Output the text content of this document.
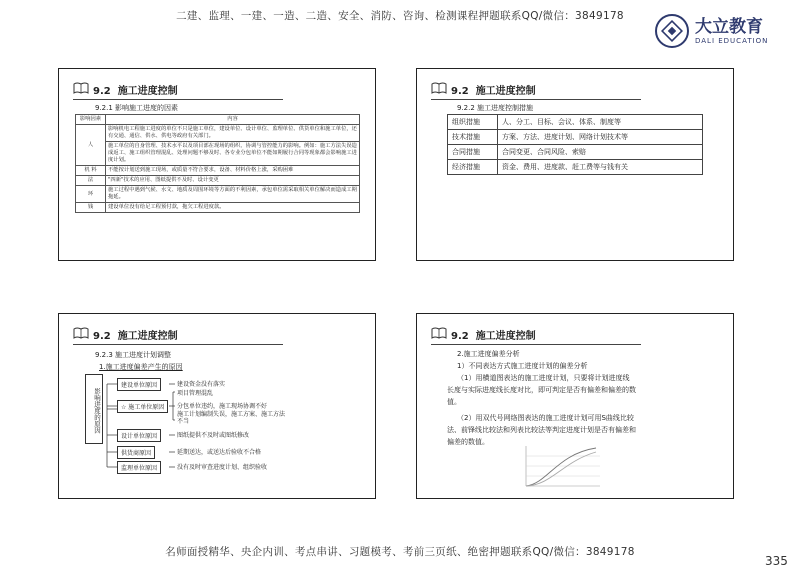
二建、监理、一建、一造、二造、安全、消防、咨询、检测课程押题联系QQ/微信：3849178
大立教育
DALI EDUCATION
9.2 施工进度控制
9.2.1 影响施工进度的因素
影响因素	内容
人	影响机电工程施工进度的单位不只是施工单位，建设单位、设计单位、监理单位、供货单位和施工单位，还有交通、通信、供水、供电等政府有关部门。
	施工单位的自身管理、技术水平以及项目部在现场的组织、协调与管控能力的影响。例如：施工方法失误造成返工、施工组织管理混乱、处理问题不够及时、各专业分包单位不能如期履行合同等现象都会影响施工进度计划。
机 料	不能按计划送到施工现场，或质量不符合要求，设备、材料价格上涨，采购困难
法	"四新"技术的应用、图纸提供不及时、设计变更
环	施工过程中遇到气候、水文、地质及周围环境等方面的不利因素，承包单位需采取相关单位解决而造成工期拖延。
钱	建设单位没有给足工程预付款，拖欠工程进度款。
9.2 施工进度控制
9.2.2 施工进度控制措施
组织措施	人、分工、目标、会议、体系、制度等
技术措施	方案、方法、进度计划、网络计划技术等
合同措施	合同变更、合同风险、索赔
经济措施	资金、费用、进度款、赶工费等与钱有关
9.2 施工进度控制
9.2.3 施工进度计划调整
1.施工进度偏差产生的原因
影响进度的原因
建设单位原因	建设资金没有落实
☆ 施工单位原因
项目管理混乱
分包单位违约，施工现场协调不好
施工计划编制失误，施工方案、施工方法不当
设计单位原因	图纸提供不及时或图纸修改
供货商原因	延期送达，或送达后验收不合格
监理单位原因	没有及时审查进度计划、组织验收
9.2 施工进度控制
2.施工进度偏差分析
1）不同表达方式施工进度计划的偏差分析
（1）用横道图表达的施工进度计划，只要将计划进度线
长度与实际进度线长度对比，即可判定是否有偏差和偏差的数
值。
（2）用双代号网络图表达的施工进度计划可用S曲线比较
法、前锋线比较法和列表比较法等判定进度计划是否有偏差和
偏差的数值。
名师面授精华、央企内训、考点串讲、习题模考、考前三页纸、绝密押题联系QQ/微信：3849178
335
